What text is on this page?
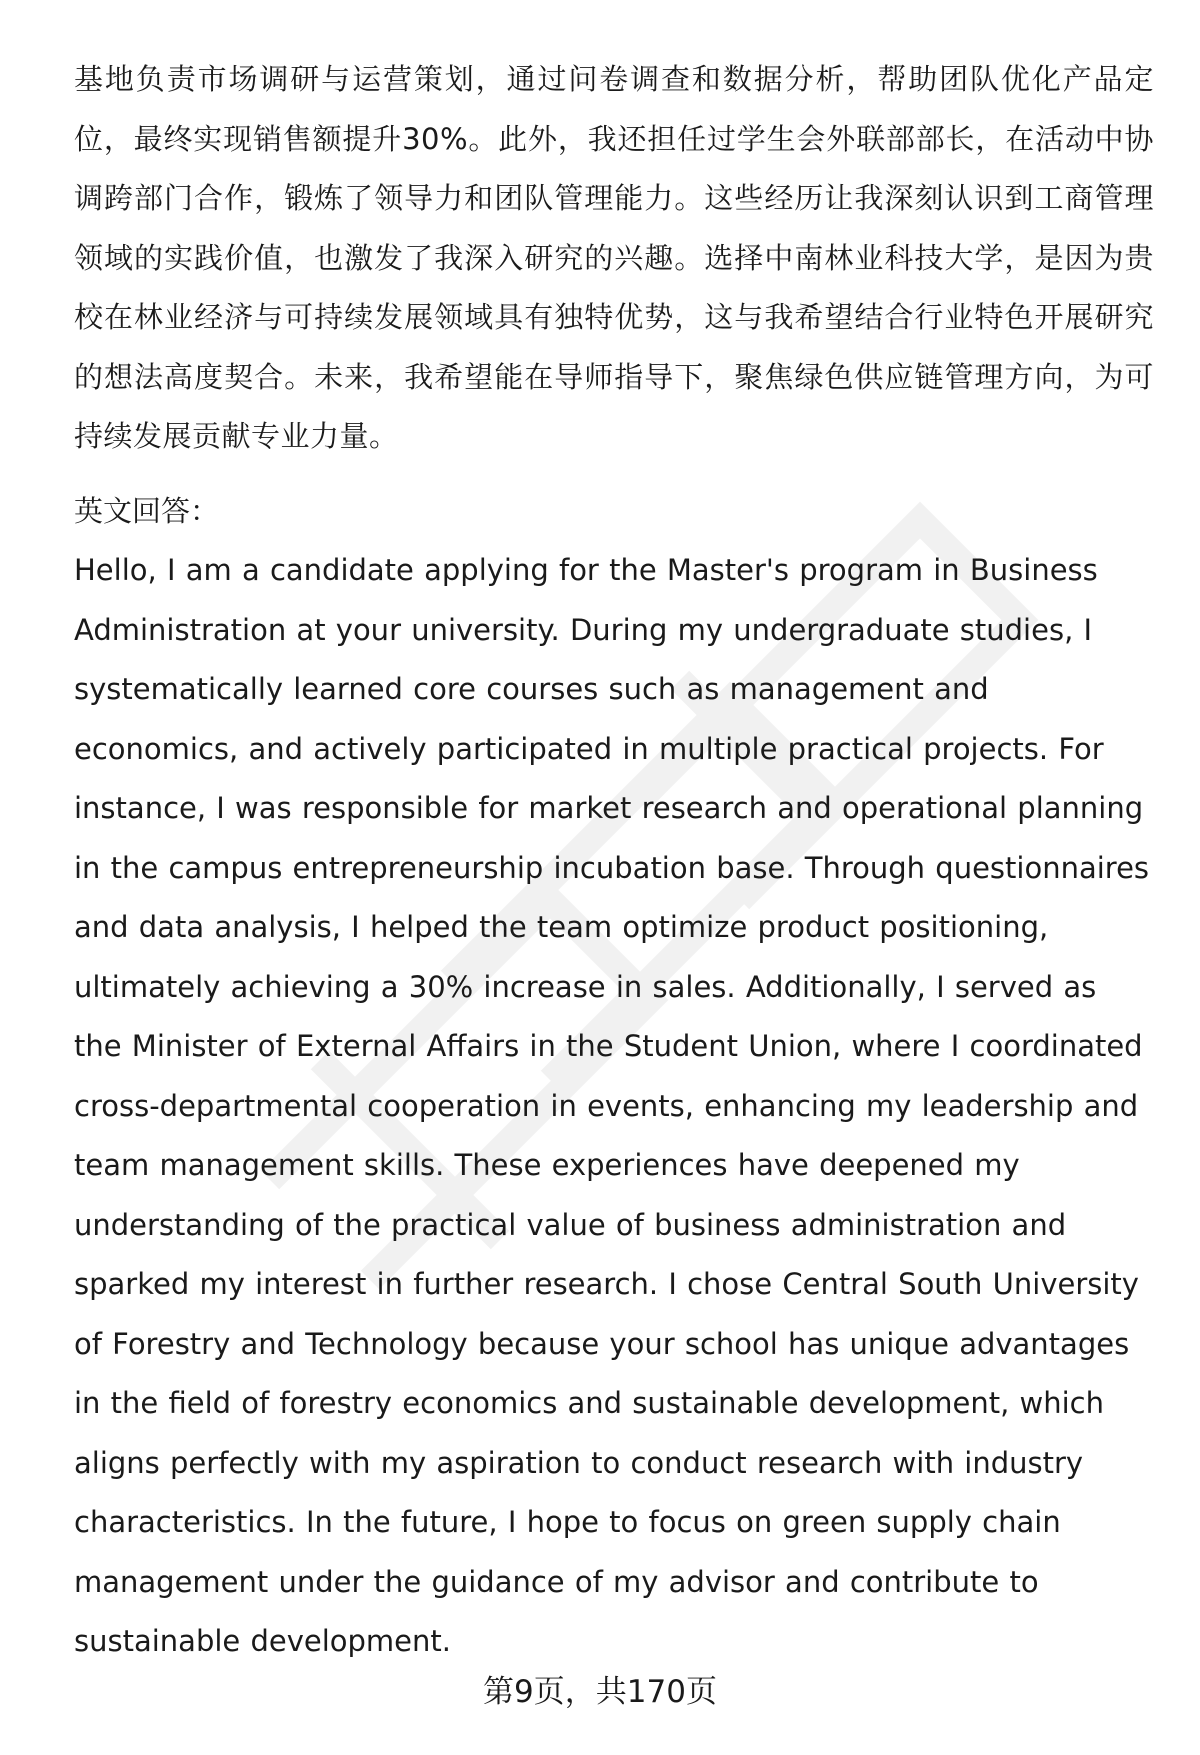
基地负责市场调研与运营策划，通过问卷调查和数据分析，帮助团队优化产品定位，最终实现销售额提升30%。此外，我还担任过学生会外联部部长，在活动中协调跨部门合作，锻炼了领导力和团队管理能力。这些经历让我深刻认识到工商管理领域的实践价值，也激发了我深入研究的兴趣。选择中南林业科技大学，是因为贵校在林业经济与可持续发展领域具有独特优势，这与我希望结合行业特色开展研究的想法高度契合。未来，我希望能在导师指导下，聚焦绿色供应链管理方向，为可持续发展贡献专业力量。

英文回答：

Hello, I am a candidate applying for the Master's program in Business Administration at your university. During my undergraduate studies, I systematically learned core courses such as management and economics, and actively participated in multiple practical projects. For instance, I was responsible for market research and operational planning in the campus entrepreneurship incubation base. Through questionnaires and data analysis, I helped the team optimize product positioning, ultimately achieving a 30% increase in sales. Additionally, I served as the Minister of External Affairs in the Student Union, where I coordinated cross-departmental cooperation in events, enhancing my leadership and team management skills. These experiences have deepened my understanding of the practical value of business administration and sparked my interest in further research. I chose Central South University of Forestry and Technology because your school has unique advantages in the field of forestry economics and sustainable development, which aligns perfectly with my aspiration to conduct research with industry characteristics. In the future, I hope to focus on green supply chain management under the guidance of my advisor and contribute to sustainable development.

第9页，共170页
